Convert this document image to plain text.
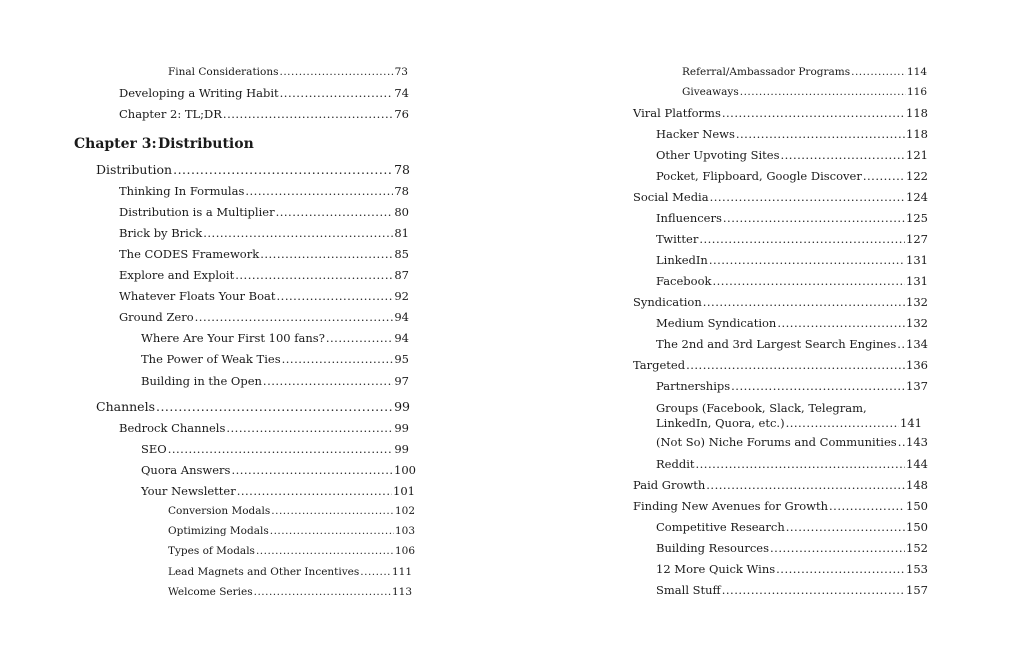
Final Considerations .....	73
Developing a Writing Habit .....	74
Chapter 2: TL;DR .....	76
Chapter 3:Distribution
Distribution .....	78
Thinking In Formulas .....	78
Distribution is a Multiplier .....	80
Brick by Brick .....	81
The CODES Framework .....	85
Explore and Exploit .....	87
Whatever Floats Your Boat .....	92
Ground Zero .....	94
Where Are Your First 100 fans? .....	94
The Power of Weak Ties .....	95
Building in the Open .....	97
Channels .....	99
Bedrock Channels .....	99
SEO .....	99
Quora Answers .....	100
Your Newsletter .....	101
Conversion Modals .....	102
Optimizing Modals .....	103
Types of Modals .....	106
Lead Magnets and Other Incentives .....	111
Welcome Series .....	113
Referral/Ambassador Programs .....	114
Giveaways .....	116
Viral Platforms .....	118
Hacker News .....	118
Other Upvoting Sites .....	121
Pocket, Flipboard, Google Discover .....	122
Social Media .....	124
Influencers .....	125
Twitter .....	127
LinkedIn .....	131
Facebook .....	131
Syndication .....	132
Medium Syndication .....	132
The 2nd and 3rd Largest Search Engines ..... 134
Targeted .....	136
Partnerships .....	137
Groups (Facebook, Slack, Telegram,
LinkedIn, Quora, etc.) .....	141
(Not So) Niche Forums and Communities ..... 143
Reddit .....	144
Paid Growth .....	148
Finding New Avenues for Growth .....	150
Competitive Research .....	150
Building Resources .....	152
12 More Quick Wins .....	153
Small Stuff .....	157
